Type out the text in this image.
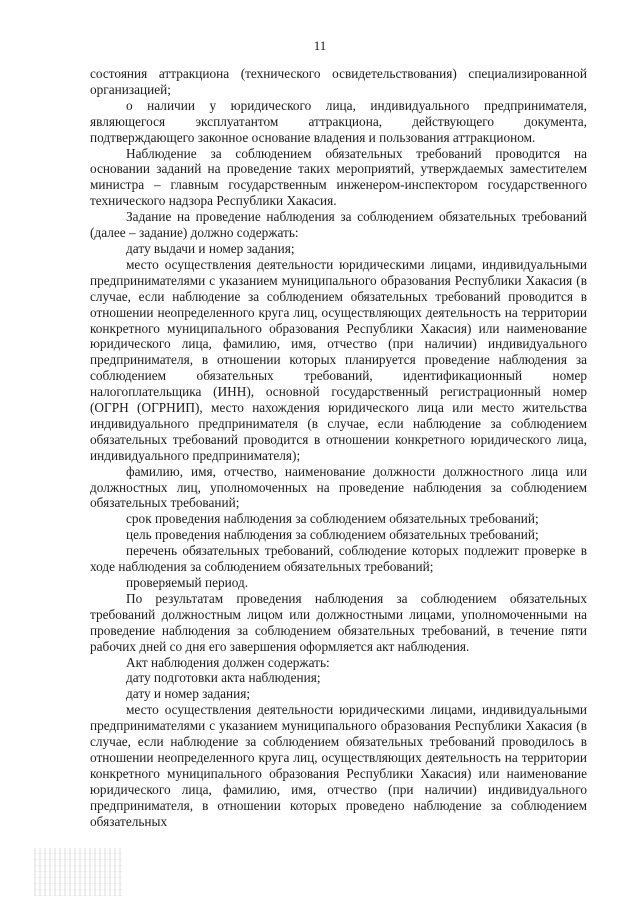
11

состояния аттракциона (технического освидетельствования) специализированной организацией;

о наличии у юридического лица, индивидуального предпринимателя, являющегося эксплуатантом аттракциона, действующего документа, подтверждающего законное основание владения и пользования аттракционом.

Наблюдение за соблюдением обязательных требований проводится на основании заданий на проведение таких мероприятий, утверждаемых заместителем министра – главным государственным инженером-инспектором государственного технического надзора Республики Хакасия.

Задание на проведение наблюдения за соблюдением обязательных требований (далее – задание) должно содержать:

дату выдачи и номер задания;

место осуществления деятельности юридическими лицами, индивидуальными предпринимателями с указанием муниципального образования Республики Хакасия (в случае, если наблюдение за соблюдением обязательных требований проводится в отношении неопределенного круга лиц, осуществляющих деятельность на территории конкретного муниципального образования Республики Хакасия) или наименование юридического лица, фамилию, имя, отчество (при наличии) индивидуального предпринимателя, в отношении которых планируется проведение наблюдения за соблюдением обязательных требований, идентификационный номер налогоплательщика (ИНН), основной государственный регистрационный номер (ОГРН (ОГРНИП), место нахождения юридического лица или место жительства индивидуального предпринимателя (в случае, если наблюдение за соблюдением обязательных требований проводится в отношении конкретного юридического лица, индивидуального предпринимателя);

фамилию, имя, отчество, наименование должности должностного лица или должностных лиц, уполномоченных на проведение наблюдения за соблюдением обязательных требований;

срок проведения наблюдения за соблюдением обязательных требований;

цель проведения наблюдения за соблюдением обязательных требований;

перечень обязательных требований, соблюдение которых подлежит проверке в ходе наблюдения за соблюдением обязательных требований;

проверяемый период.

По результатам проведения наблюдения за соблюдением обязательных требований должностным лицом или должностными лицами, уполномоченными на проведение наблюдения за соблюдением обязательных требований, в течение пяти рабочих дней со дня его завершения оформляется акт наблюдения.

Акт наблюдения должен содержать:

дату подготовки акта наблюдения;

дату и номер задания;

место осуществления деятельности юридическими лицами, индивидуальными предпринимателями с указанием муниципального образования Республики Хакасия (в случае, если наблюдение за соблюдением обязательных требований проводилось в отношении неопределенного круга лиц, осуществляющих деятельность на территории конкретного муниципального образования Республики Хакасия) или наименование юридического лица, фамилию, имя, отчество (при наличии) индивидуального предпринимателя, в отношении которых проведено наблюдение за соблюдением обязательных
